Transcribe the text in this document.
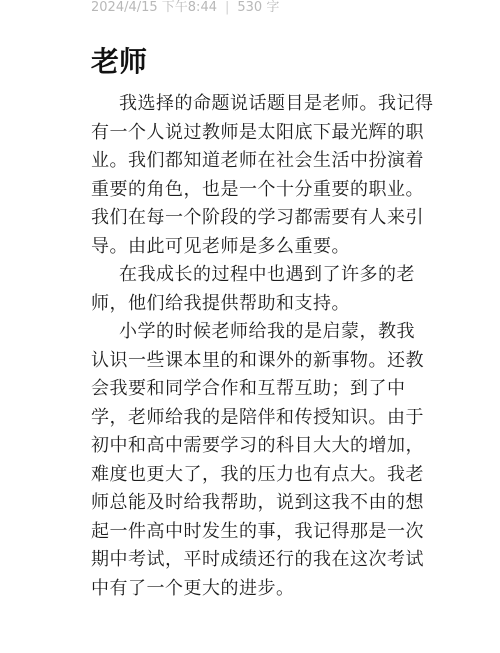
2024/4/15 下午8:44 | 530 字
老师
我选择的命题说话题目是老师。我记得
有一个人说过教师是太阳底下最光辉的职
业。我们都知道老师在社会生活中扮演着
重要的角色，也是一个十分重要的职业。
我们在每一个阶段的学习都需要有人来引
导。由此可见老师是多么重要。
在我成长的过程中也遇到了许多的老
师，他们给我提供帮助和支持。
小学的时候老师给我的是启蒙，教我
认识一些课本里的和课外的新事物。还教
会我要和同学合作和互帮互助；到了中
学，老师给我的是陪伴和传授知识。由于
初中和高中需要学习的科目大大的增加，
难度也更大了，我的压力也有点大。我老
师总能及时给我帮助，说到这我不由的想
起一件高中时发生的事，我记得那是一次
期中考试，平时成绩还行的我在这次考试
中有了一个更大的进步。
